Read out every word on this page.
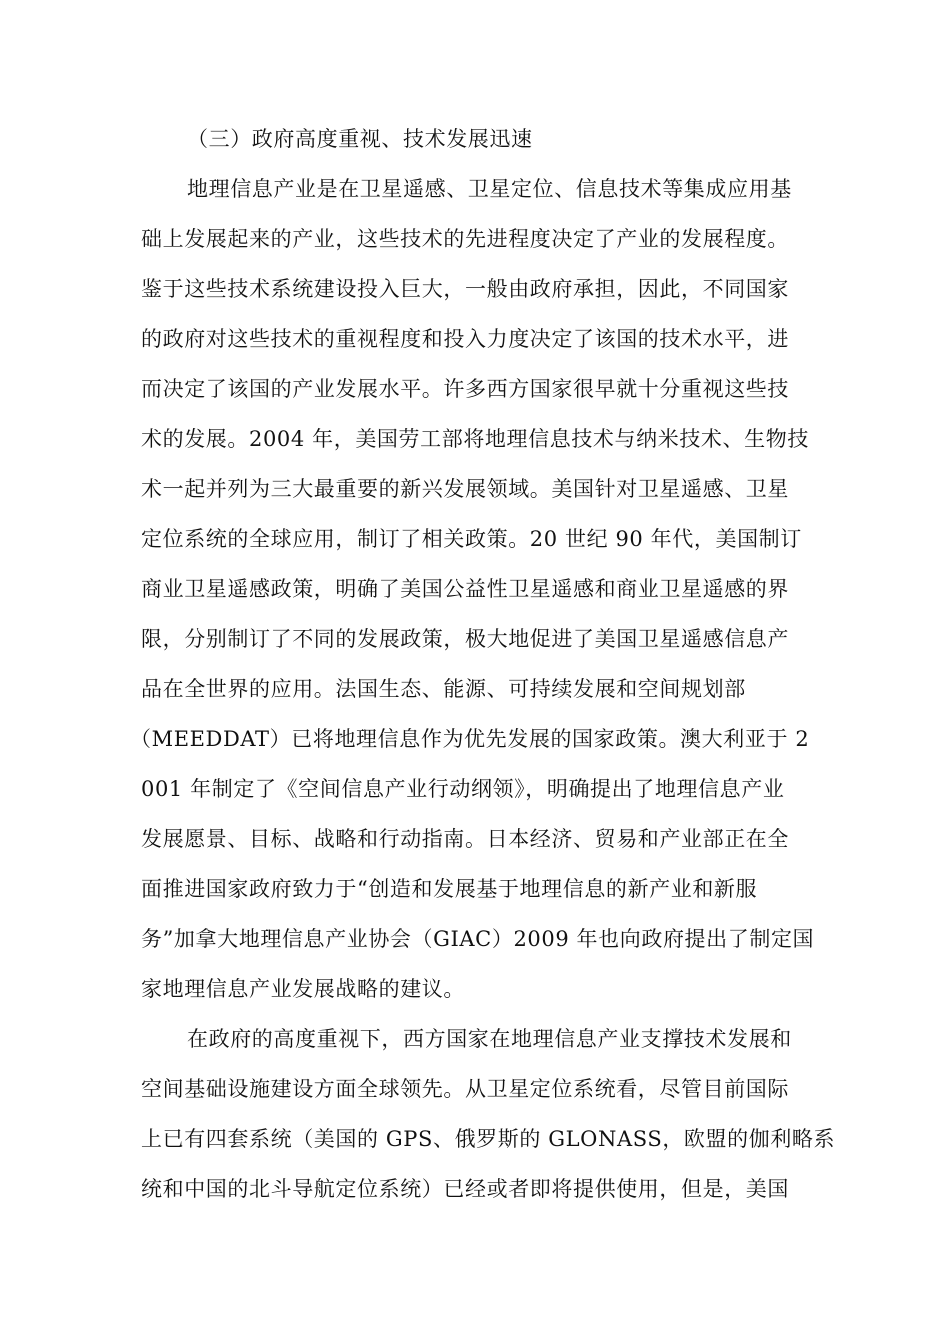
（三）政府高度重视、技术发展迅速
地理信息产业是在卫星遥感、卫星定位、信息技术等集成应用基
础上发展起来的产业，这些技术的先进程度决定了产业的发展程度。
鉴于这些技术系统建设投入巨大，一般由政府承担，因此，不同国家
的政府对这些技术的重视程度和投入力度决定了该国的技术水平，进
而决定了该国的产业发展水平。许多西方国家很早就十分重视这些技
术的发展。2004 年，美国劳工部将地理信息技术与纳米技术、生物技
术一起并列为三大最重要的新兴发展领域。美国针对卫星遥感、卫星
定位系统的全球应用，制订了相关政策。20 世纪 90 年代，美国制订
商业卫星遥感政策，明确了美国公益性卫星遥感和商业卫星遥感的界
限，分别制订了不同的发展政策，极大地促进了美国卫星遥感信息产
品在全世界的应用。法国生态、能源、可持续发展和空间规划部
（MEEDDAT）已将地理信息作为优先发展的国家政策。澳大利亚于 2
001 年制定了《空间信息产业行动纲领》，明确提出了地理信息产业
发展愿景、目标、战略和行动指南。日本经济、贸易和产业部正在全
面推进国家政府致力于“创造和发展基于地理信息的新产业和新服
务”加拿大地理信息产业协会（GIAC）2009 年也向政府提出了制定国
家地理信息产业发展战略的建议。
在政府的高度重视下，西方国家在地理信息产业支撑技术发展和
空间基础设施建设方面全球领先。从卫星定位系统看，尽管目前国际
上已有四套系统（美国的 GPS、俄罗斯的 GLONASS，欧盟的伽利略系
统和中国的北斗导航定位系统）已经或者即将提供使用，但是，美国
